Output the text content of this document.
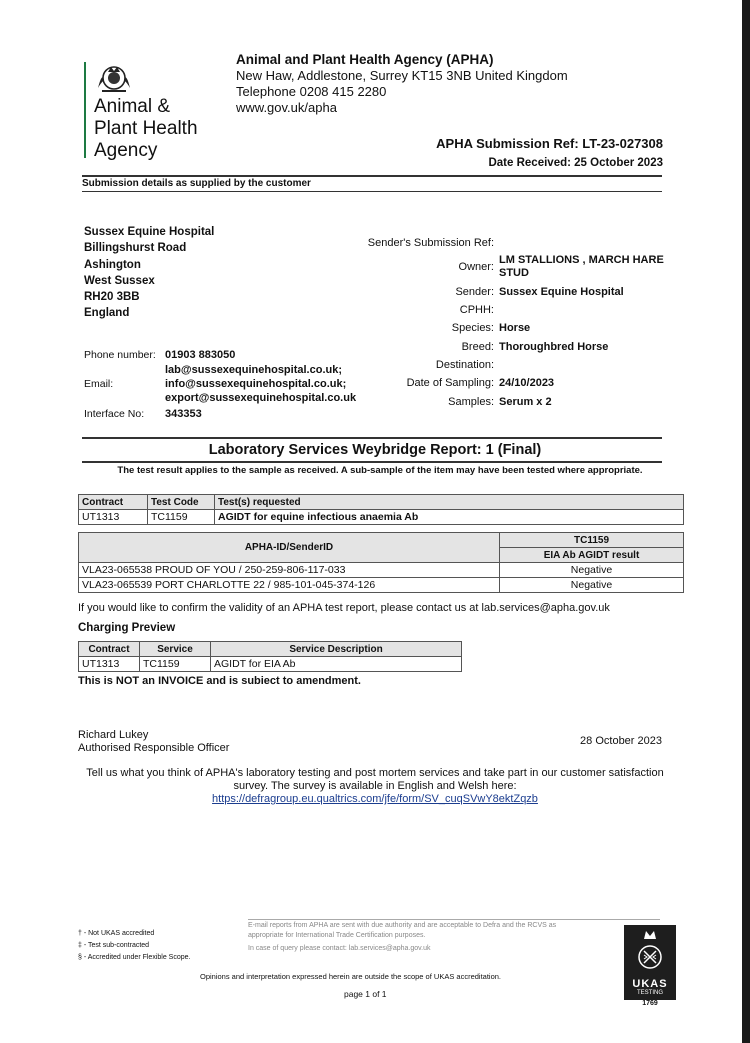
Animal &
Plant Health
Agency
Animal and Plant Health Agency (APHA)
New Haw, Addlestone, Surrey KT15 3NB United Kingdom
Telephone 0208 415 2280
www.gov.uk/apha
APHA Submission Ref: LT-23-027308
Date Received: 25 October 2023
Submission details as supplied by the customer
Sussex Equine Hospital
Billingshurst Road
Ashington
West Sussex
RH20 3BB
England
Sender's Submission Ref:
Owner:
LM STALLIONS , MARCH HARE
STUD
Sender: Sussex Equine Hospital
CPHH:
Species: Horse
Breed: Thoroughbred Horse
Destination:
Date of Sampling: 24/10/2023
Samples: Serum x 2
Phone number: 01903 883050
Email:
lab@sussexequinehospital.co.uk;
info@sussexequinehospital.co.uk;
export@sussexequinehospital.co.uk
Interface No: 343353
Laboratory Services Weybridge Report: 1 (Final)
The test result applies to the sample as received. A sub-sample of the item may have been tested where appropriate.
Contract	Test Code	Test(s) requested
UT1313	TC1159	AGIDT for equine infectious anaemia Ab
APHA-ID/SenderID	TC1159
	EIA Ab AGIDT result
VLA23-065538 PROUD OF YOU / 250-259-806-117-033	Negative
VLA23-065539 PORT CHARLOTTE 22 / 985-101-045-374-126	Negative
If you would like to confirm the validity of an APHA test report, please contact us at lab.services@apha.gov.uk
Charging Preview
Contract	Service	Service Description
UT1313	TC1159	AGIDT for EIA Ab
This is NOT an INVOICE and is subiect to amendment.
Richard Lukey
Authorised Responsible Officer
28 October 2023
Tell us what you think of APHA's laboratory testing and post mortem services and take part in our customer satisfaction survey. The survey is available in English and Welsh here:
https://defragroup.eu.qualtrics.com/jfe/form/SV_cuqSVwY8ektZqzb
† - Not UKAS accredited
‡ - Test sub-contracted
§ - Accredited under Flexible Scope.
E-mail reports from APHA are sent with due authority and are acceptable to Defra and the RCVS as appropriate for International Trade Certification purposes.
In case of query please contact: lab.services@apha.gov.uk
Opinions and interpretation expressed herein are outside the scope of UKAS accreditation.
page 1 of 1
UKAS
TESTING
1769
